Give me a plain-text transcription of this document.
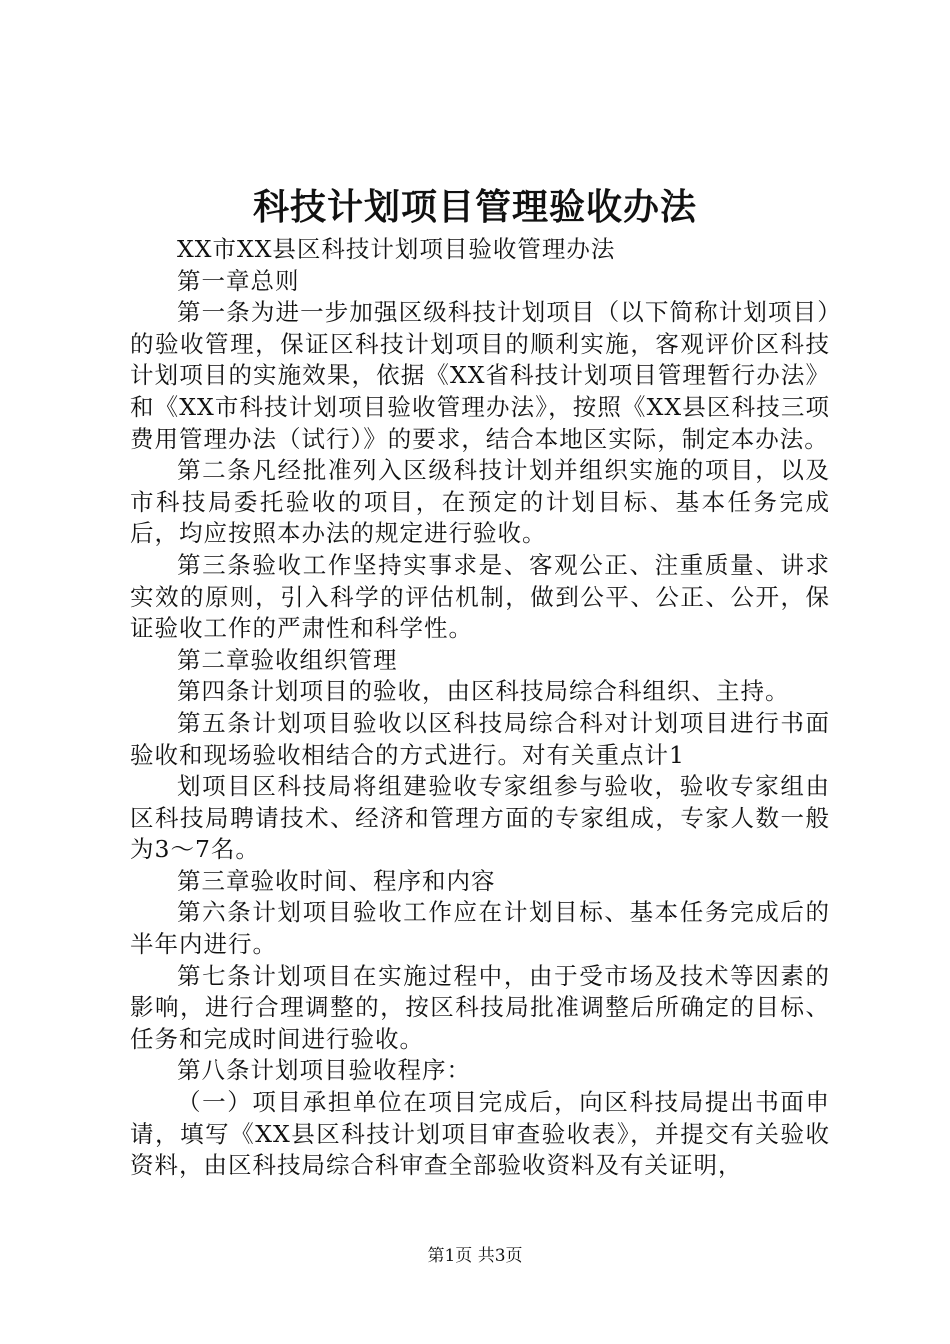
科技计划项目管理验收办法

XX市XX县区科技计划项目验收管理办法

第一章总则

第一条为进一步加强区级科技计划项目（以下简称计划项目）的验收管理，保证区科技计划项目的顺利实施，客观评价区科技计划项目的实施效果，依据《XX省科技计划项目管理暂行办法》和《XX市科技计划项目验收管理办法》，按照《XX县区科技三项费用管理办法（试行）》的要求，结合本地区实际，制定本办法。

第二条凡经批准列入区级科技计划并组织实施的项目，以及市科技局委托验收的项目，在预定的计划目标、基本任务完成后，均应按照本办法的规定进行验收。

第三条验收工作坚持实事求是、客观公正、注重质量、讲求实效的原则，引入科学的评估机制，做到公平、公正、公开，保证验收工作的严肃性和科学性。

第二章验收组织管理

第四条计划项目的验收，由区科技局综合科组织、主持。

第五条计划项目验收以区科技局综合科对计划项目进行书面验收和现场验收相结合的方式进行。对有关重点计1

划项目区科技局将组建验收专家组参与验收，验收专家组由区科技局聘请技术、经济和管理方面的专家组成，专家人数一般为3～7名。

第三章验收时间、程序和内容

第六条计划项目验收工作应在计划目标、基本任务完成后的半年内进行。

第七条计划项目在实施过程中，由于受市场及技术等因素的影响，进行合理调整的，按区科技局批准调整后所确定的目标、任务和完成时间进行验收。

第八条计划项目验收程序：

（一）项目承担单位在项目完成后，向区科技局提出书面申请，填写《XX县区科技计划项目审查验收表》，并提交有关验收资料，由区科技局综合科审查全部验收资料及有关证明，

第1页 共3页
